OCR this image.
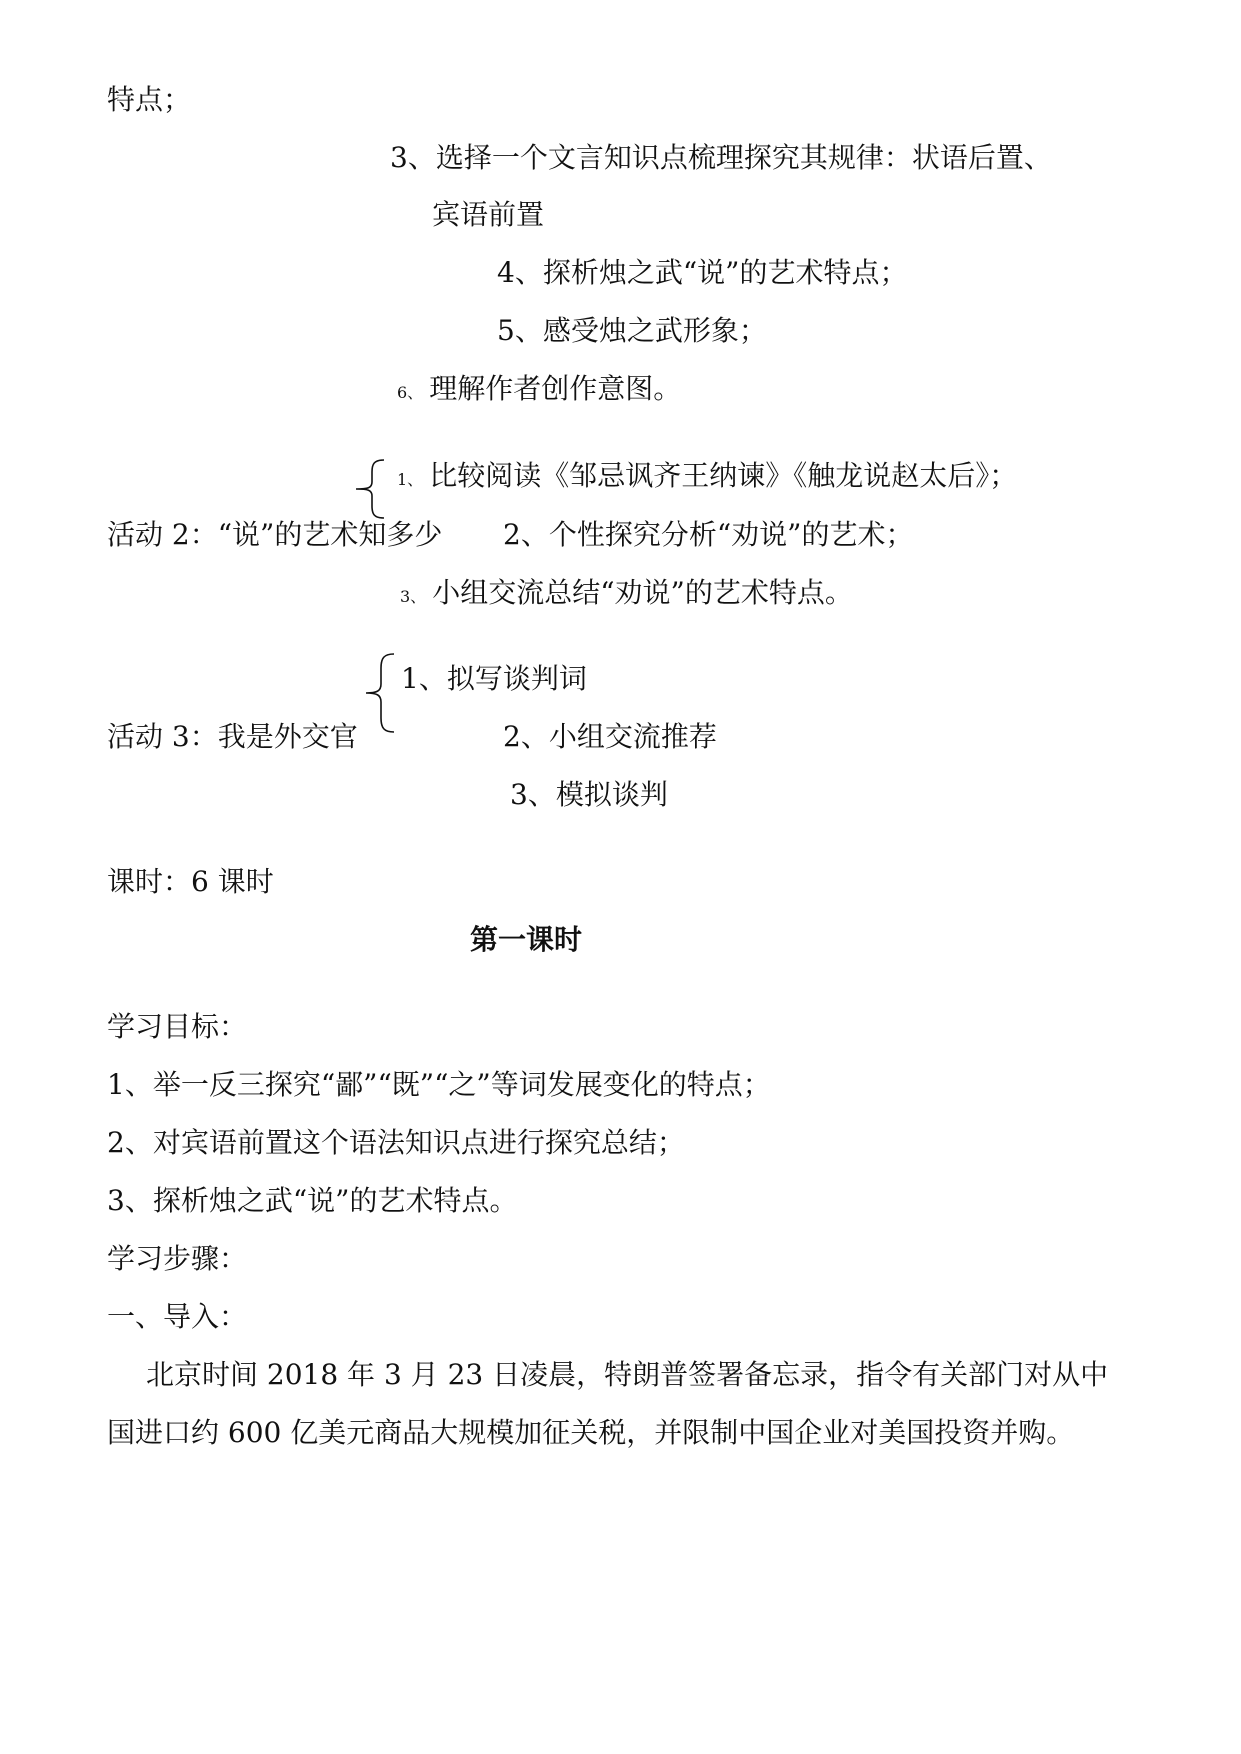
特点；

3、选择一个文言知识点梳理探究其规律：状语后置、

宾语前置

4、探析烛之武“说”的艺术特点；

5、感受烛之武形象；

6、 理解作者创作意图。

1、 比较阅读《邹忌讽齐王纳谏》《触龙说赵太后》；

活动 2：“说”的艺术知多少 2、个性探究分析“劝说”的艺术；

3、 小组交流总结“劝说”的艺术特点。

1、拟写谈判词

活动 3：我是外交官	2、小组交流推荐

3、模拟谈判

课时：6 课时

第一课时

学习目标：

1、举一反三探究“鄙”“既”“之”等词发展变化的特点；

2、对宾语前置这个语法知识点进行探究总结；

3、探析烛之武“说”的艺术特点。

学习步骤：

一、导入：

北京时间 2018 年 3 月 23 日凌晨，特朗普签署备忘录，指令有关部门对从中

国进口约 600 亿美元商品大规模加征关税，并限制中国企业对美国投资并购。
